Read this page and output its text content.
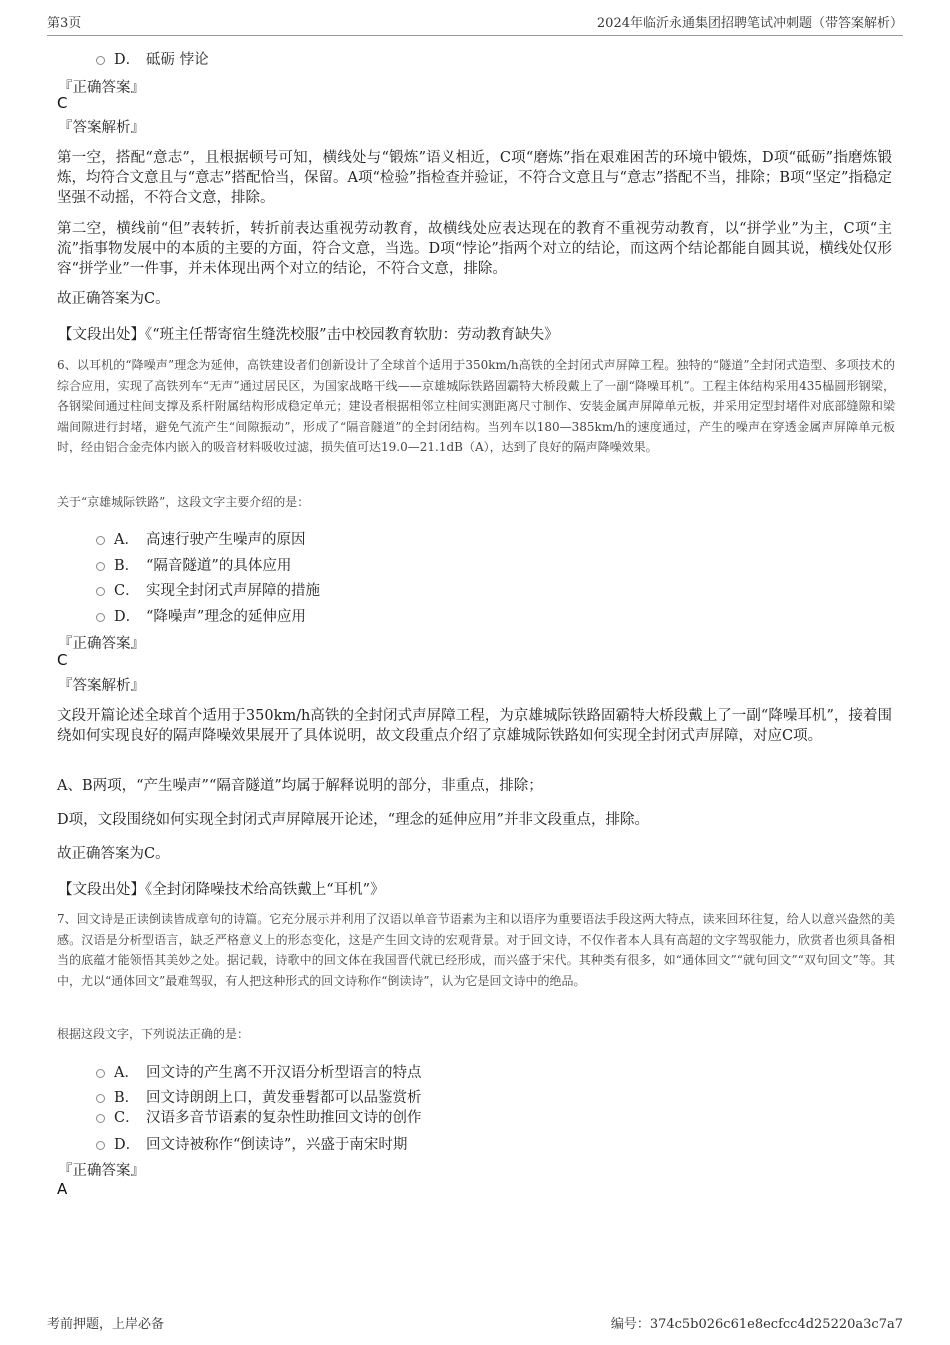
第3页	2024年临沂永通集团招聘笔试冲刺题（带答案解析）
D． 砥砺 悖论
『正确答案』
C
『答案解析』

第一空，搭配“意志”，且根据顿号可知，横线处与“锻炼”语义相近，C项“磨炼”指在艰难困苦的环境中锻炼，D项“砥砺”指磨炼锻炼，均符合文意且与“意志”搭配恰当，保留。A项“检验”指检查并验证，不符合文意且与“意志”搭配不当，排除；B项“坚定”指稳定坚强不动摇，不符合文意，排除。

第二空，横线前“但”表转折，转折前表达重视劳动教育，故横线处应表达现在的教育不重视劳动教育，以“拼学业”为主，C项“主流”指事物发展中的本质的主要的方面，符合文意，当选。D项“悖论”指两个对立的结论，而这两个结论都能自圆其说，横线处仅形容“拼学业”一件事，并未体现出两个对立的结论，不符合文意，排除。

故正确答案为C。

【文段出处】《“班主任帮寄宿生缝洗校服”击中校园教育软肋：劳动教育缺失》

6、以耳机的“降噪声”理念为延伸，高铁建设者们创新设计了全球首个适用于350km/h高铁的全封闭式声屏障工程。独特的“隧道”全封闭式造型、多项技术的综合应用，实现了高铁列车“无声”通过居民区，为国家战略干线——京雄城际铁路固霸特大桥段戴上了一副“降噪耳机”。工程主体结构采用435榀圆形钢梁，各钢梁间通过柱间支撑及系杆附属结构形成稳定单元；建设者根据相邻立柱间实测距离尺寸制作、安装金属声屏障单元板，并采用定型封堵件对底部缝隙和梁端间隙进行封堵，避免气流产生“间隙振动”，形成了“隔音隧道”的全封闭结构。当列车以180—385km/h的速度通过，产生的噪声在穿透金属声屏障单元板时，经由铝合金壳体内嵌入的吸音材料吸收过滤，损失值可达19.0—21.1dB（A），达到了良好的隔声降噪效果。

关于“京雄城际铁路”，这段文字主要介绍的是：
A． 高速行驶产生噪声的原因
B． “隔音隧道”的具体应用
C． 实现全封闭式声屏障的措施
D． “降噪声”理念的延伸应用
『正确答案』
C
『答案解析』

文段开篇论述全球首个适用于350km/h高铁的全封闭式声屏障工程，为京雄城际铁路固霸特大桥段戴上了一副“降噪耳机”，接着围绕如何实现良好的隔声降噪效果展开了具体说明，故文段重点介绍了京雄城际铁路如何实现全封闭式声屏障，对应C项。

A、B两项，“产生噪声”“隔音隧道”均属于解释说明的部分，非重点，排除；

D项，文段围绕如何实现全封闭式声屏障展开论述，“理念的延伸应用”并非文段重点，排除。

故正确答案为C。

【文段出处】《全封闭降噪技术给高铁戴上“耳机”》

7、回文诗是正读倒读皆成章句的诗篇。它充分展示并利用了汉语以单音节语素为主和以语序为重要语法手段这两大特点，读来回环往复，给人以意兴盎然的美感。汉语是分析型语言，缺乏严格意义上的形态变化，这是产生回文诗的宏观背景。对于回文诗，不仅作者本人具有高超的文字驾驭能力，欣赏者也须具备相当的底蕴才能领悟其美妙之处。据记载，诗歌中的回文体在我国晋代就已经形成，而兴盛于宋代。其种类有很多，如“通体回文”“就句回文”“双句回文”等。其中，尤以“通体回文”最难驾驭，有人把这种形式的回文诗称作“倒读诗”，认为它是回文诗中的绝品。

根据这段文字，下列说法正确的是：
A． 回文诗的产生离不开汉语分析型语言的特点
B． 回文诗朗朗上口，黄发垂髫都可以品鉴赏析
C． 汉语多音节语素的复杂性助推回文诗的创作
D． 回文诗被称作“倒读诗”，兴盛于南宋时期
『正确答案』
A
考前押题，上岸必备	编号：374c5b026c61e8ecfcc4d25220a3c7a7
